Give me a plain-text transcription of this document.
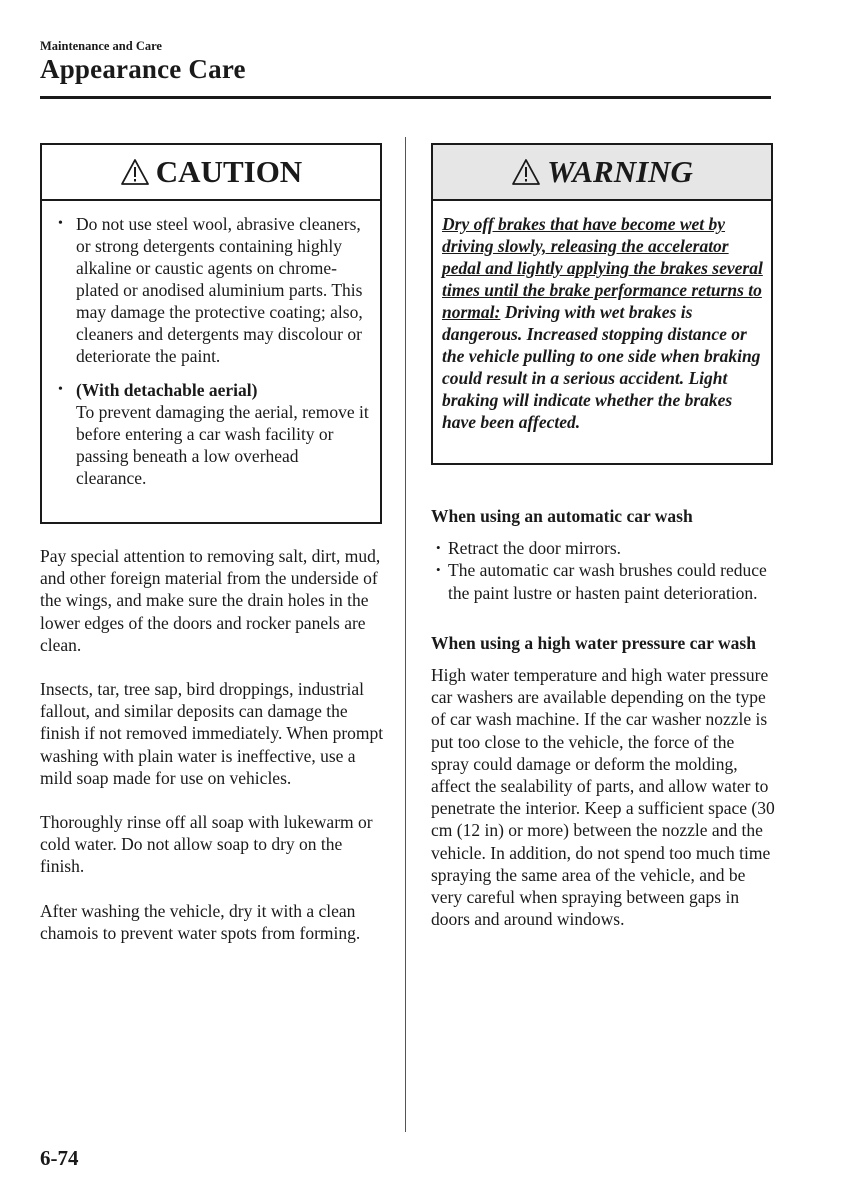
Maintenance and Care
Appearance Care
CAUTION
• Do not use steel wool, abrasive cleaners, or strong detergents containing highly alkaline or caustic agents on chrome-plated or anodised aluminium parts. This may damage the protective coating; also, cleaners and detergents may discolour or deteriorate the paint.
• (With detachable aerial)
To prevent damaging the aerial, remove it before entering a car wash facility or passing beneath a low overhead clearance.

Pay special attention to removing salt, dirt, mud, and other foreign material from the underside of the wings, and make sure the drain holes in the lower edges of the doors and rocker panels are clean.

Insects, tar, tree sap, bird droppings, industrial fallout, and similar deposits can damage the finish if not removed immediately. When prompt washing with plain water is ineffective, use a mild soap made for use on vehicles.

Thoroughly rinse off all soap with lukewarm or cold water. Do not allow soap to dry on the finish.

After washing the vehicle, dry it with a clean chamois to prevent water spots from forming.

WARNING
Dry off brakes that have become wet by driving slowly, releasing the accelerator pedal and lightly applying the brakes several times until the brake performance returns to normal: Driving with wet brakes is dangerous. Increased stopping distance or the vehicle pulling to one side when braking could result in a serious accident. Light braking will indicate whether the brakes have been affected.

When using an automatic car wash

• Retract the door mirrors.
• The automatic car wash brushes could reduce the paint lustre or hasten paint deterioration.

When using a high water pressure car wash

High water temperature and high water pressure car washers are available depending on the type of car wash machine. If the car washer nozzle is put too close to the vehicle, the force of the spray could damage or deform the molding, affect the sealability of parts, and allow water to penetrate the interior. Keep a sufficient space (30 cm (12 in) or more) between the nozzle and the vehicle. In addition, do not spend too much time spraying the same area of the vehicle, and be very careful when spraying between gaps in doors and around windows.

6-74
